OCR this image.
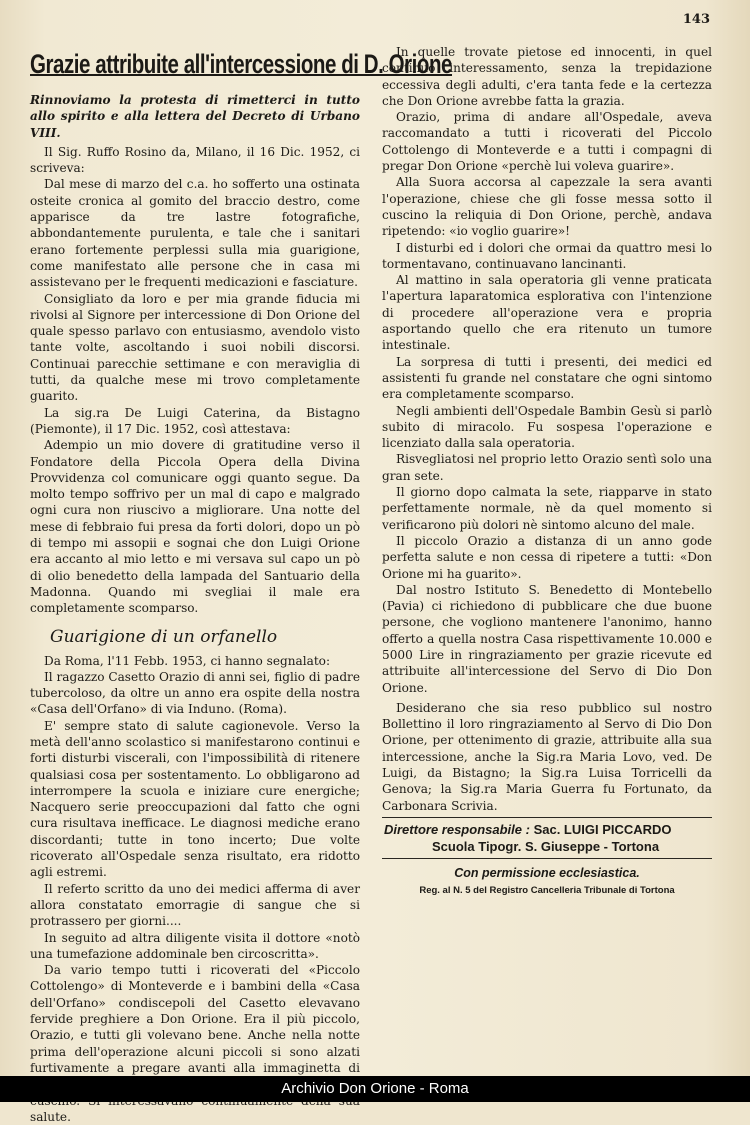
143
Grazie attribuite all'intercessione di D. Orione

Rinnoviamo la protesta di rimetterci in tutto allo spirito e alla lettera del Decreto di Urbano VIII.

Il Sig. Ruffo Rosino da, Milano, il 16 Dic. 1952, ci scriveva:

Dal mese di marzo del c.a. ho sofferto una ostinata osteite cronica al gomito del braccio destro, come apparisce da tre lastre fotografiche, abbondantemente purulenta, e tale che i sanitari erano fortemente perplessi sulla mia guarigione, come manifestato alle persone che in casa mi assistevano per le frequenti medicazioni e fasciature.

Consigliato da loro e per mia grande fiducia mi rivolsi al Signore per intercessione di Don Orione del quale spesso parlavo con entusiasmo, avendolo visto tante volte, ascoltando i suoi nobili discorsi. Continuai parecchie settimane e con meraviglia di tutti, da qualche mese mi trovo completamente guarito.

La sig.ra De Luigi Caterina, da Bistagno (Piemonte), il 17 Dic. 1952, così attestava:

Adempio un mio dovere di gratitudine verso il Fondatore della Piccola Opera della Divina Provvidenza col comunicare oggi quanto segue. Da molto tempo soffrivo per un mal di capo e malgrado ogni cura non riuscivo a migliorare. Una notte del mese di febbraio fui presa da forti dolori, dopo un pò di tempo mi assopii e sognai che don Luigi Orione era accanto al mio letto e mi versava sul capo un pò di olio benedetto della lampada del Santuario della Madonna. Quando mi svegliai il male era completamente scomparso.

Guarigione di un orfanello

Da Roma, l'11 Febb. 1953, ci hanno segnalato:

Il ragazzo Casetto Orazio di anni sei, figlio di padre tubercoloso, da oltre un anno era ospite della nostra «Casa dell'Orfano» di via Induno. (Roma).

E' sempre stato di salute cagionevole. Verso la metà dell'anno scolastico si manifestarono continui e forti disturbi viscerali, con l'impossibilità di ritenere qualsiasi cosa per sostentamento. Lo obbligarono ad interrompere la scuola e iniziare cure energiche; Nacquero serie preoccupazioni dal fatto che ogni cura risultava inefficace. Le diagnosi mediche erano discordanti; tutte in tono incerto; Due volte ricoverato all'Ospedale senza risultato, era ridotto agli estremi.

Il referto scritto da uno dei medici afferma di aver allora constatato emorragie di sangue che si protrassero per giorni....

In seguito ad altra diligente visita il dottore «notò una tumefazione addominale ben circoscritta».

Da vario tempo tutti i ricoverati del «Piccolo Cottolengo» di Monteverde e i bambini della «Casa dell'Orfano» condiscepoli del Casetto elevavano fervide preghiere a Don Orione. Era il più piccolo, Orazio, e tutti gli volevano bene. Anche nella notte prima dell'operazione alcuni piccoli si sono alzati furtivamente a pregare avanti alla immaginetta di salute.

In quelle trovate pietose ed innocenti, in quel continuo interessamento, senza la trepidazione eccessiva degli adulti, c'era tanta fede e la certezza che Don Orione avrebbe fatta la grazia.

Orazio, prima di andare all'Ospedale, aveva raccomandato a tutti i ricoverati del Piccolo Cottolengo di Monteverde e a tutti i compagni di pregar Don Orione «perchè lui voleva guarire».

Alla Suora accorsa al capezzale la sera avanti l'operazione, chiese che gli fosse messa sotto il cuscino la reliquia di Don Orione, perchè, andava ripetendo: «io voglio guarire»!

I disturbi ed i dolori che ormai da quattro mesi lo tormentavano, continuavano lancinanti.

Al mattino in sala operatoria gli venne praticata l'apertura laparatomica esplorativa con l'intenzione di procedere all'operazione vera e propria asportando quello che era ritenuto un tumore intestinale.

La sorpresa di tutti i presenti, dei medici ed assistenti fu grande nel constatare che ogni sintomo era completamente scomparso.

Negli ambienti dell'Ospedale Bambin Gesù si parlò subito di miracolo. Fu sospesa l'operazione e licenziato dalla sala operatoria.

Risvegliatosi nel proprio letto Orazio sentì solo una gran sete.

Il giorno dopo calmata la sete, riapparve in stato perfettamente normale, nè da quel momento si verificarono più dolori nè sintomo alcuno del male.

Il piccolo Orazio a distanza di un anno gode perfetta salute e non cessa di ripetere a tutti: «Don Orione mi ha guarito».

Dal nostro Istituto S. Benedetto di Montebello (Pavia) ci richiedono di pubblicare che due buone persone, che vogliono mantenere l'anonimo, hanno offerto a quella nostra Casa rispettivamente 10.000 e 5000 Lire in ringraziamento per grazie ricevute ed attribuite all'intercessione del Servo di Dio Don Orione.

Desiderano che sia reso pubblico sul nostro Bollettino il loro ringraziamento al Servo di Dio Don Orione, per ottenimento di grazie, attribuite alla sua intercessione, anche la Sig.ra Maria Lovo, ved. De Luigi, da Bistagno; la Sig.ra Luisa Torricelli da Genova; la Sig.ra Maria Guerra fu Fortunato, da Carbonara Scrivia.

Direttore responsabile : Sac. LUIGI PICCARDO
Scuola Tipogr. S. Giuseppe - Tortona
Con permissione ecclesiastica.
Reg. al N. 5 del Registro Cancelleria Tribunale di Tortona
Archivio Don Orione - Roma
